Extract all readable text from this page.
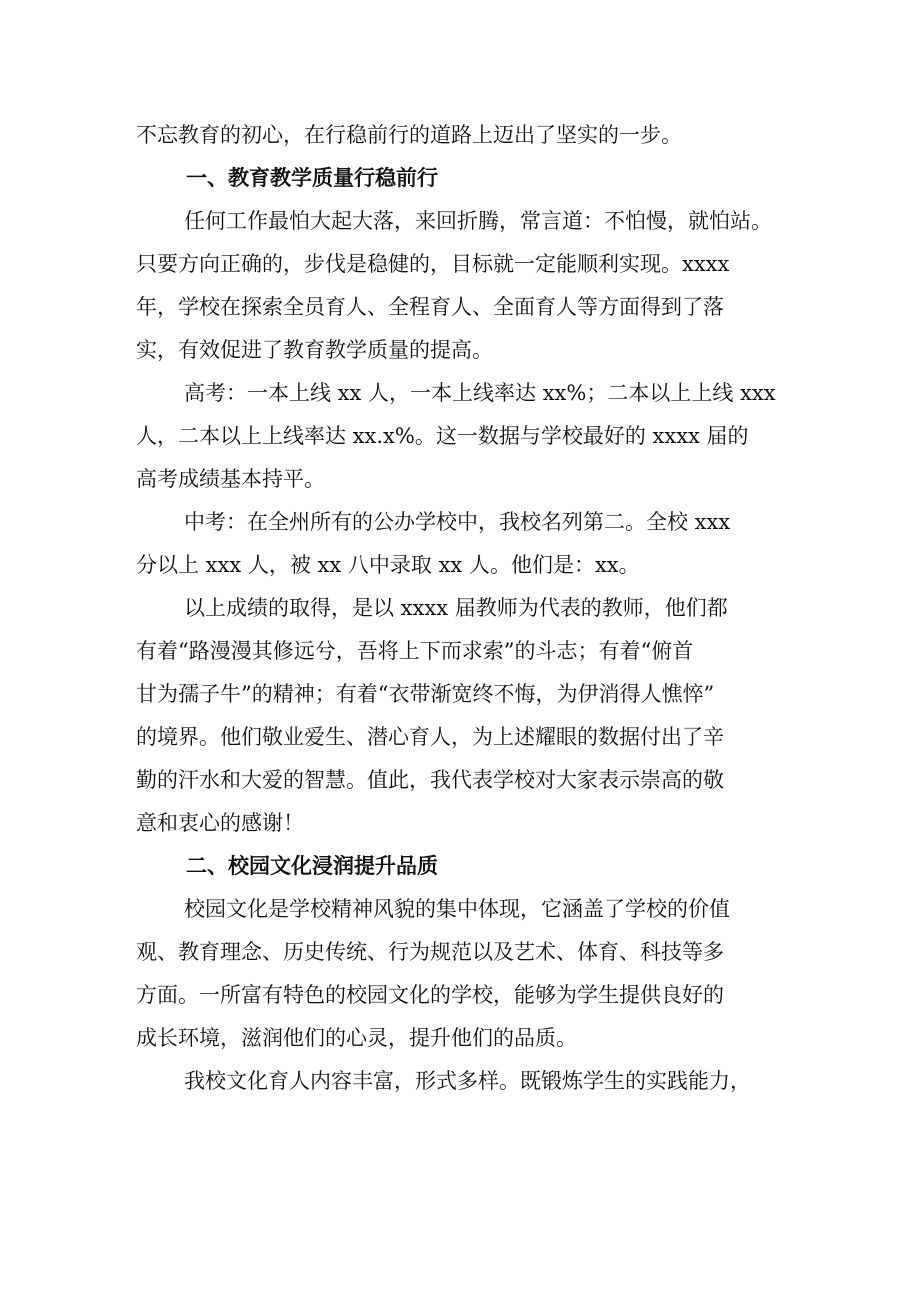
不忘教育的初心，在行稳前行的道路上迈出了坚实的一步。
一、教育教学质量行稳前行
任何工作最怕大起大落，来回折腾，常言道：不怕慢，就怕站。
只要方向正确的，步伐是稳健的，目标就一定能顺利实现。xxxx
年，学校在探索全员育人、全程育人、全面育人等方面得到了落
实，有效促进了教育教学质量的提高。
高考：一本上线 xx 人，一本上线率达 xx%；二本以上上线 xxx
人，二本以上上线率达 xx.x%。这一数据与学校最好的 xxxx 届的
高考成绩基本持平。
中考：在全州所有的公办学校中，我校名列第二。全校 xxx
分以上 xxx 人，被 xx 八中录取 xx 人。他们是：xx。
以上成绩的取得，是以 xxxx 届教师为代表的教师，他们都
有着“路漫漫其修远兮，吾将上下而求索”的斗志；有着“俯首
甘为孺子牛”的精神；有着“衣带渐宽终不悔，为伊消得人憔悴”
的境界。他们敬业爱生、潜心育人，为上述耀眼的数据付出了辛
勤的汗水和大爱的智慧。值此，我代表学校对大家表示崇高的敬
意和衷心的感谢！
二、校园文化浸润提升品质
校园文化是学校精神风貌的集中体现，它涵盖了学校的价值
观、教育理念、历史传统、行为规范以及艺术、体育、科技等多
方面。一所富有特色的校园文化的学校，能够为学生提供良好的
成长环境，滋润他们的心灵，提升他们的品质。
我校文化育人内容丰富，形式多样。既锻炼学生的实践能力，
